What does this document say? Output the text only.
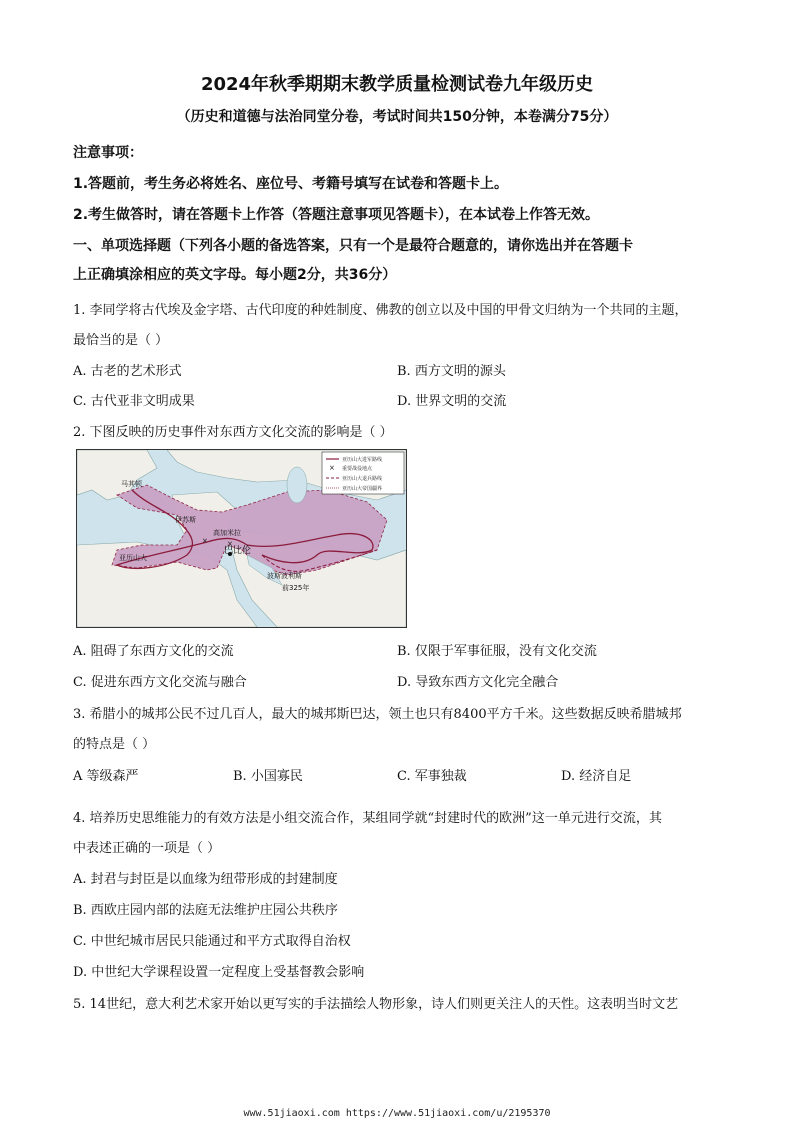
2024年秋季期期末教学质量检测试卷九年级历史
（历史和道德与法治同堂分卷，考试时间共150分钟，本卷满分75分）
注意事项：
1.答题前，考生务必将姓名、座位号、考籍号填写在试卷和答题卡上。
2.考生做答时，请在答题卡上作答（答题注意事项见答题卡），在本试卷上作答无效。
一、单项选择题（下列各小题的备选答案，只有一个是最符合题意的，请你选出并在答题卡
上正确填涂相应的英文字母。每小题2分，共36分）
1. 李同学将古代埃及金字塔、古代印度的种姓制度、佛教的创立以及中国的甲骨文归纳为一个共同的主题，
最恰当的是（ ）
A. 古老的艺术形式	B. 西方文明的源头
C. 古代亚非文明成果	D. 世界文明的交流
2. 下图反映的历史事件对东西方文化交流的影响是（ ）
×	×
马其顿
伊苏斯
高加米拉
巴比伦
亚历山大
波斯波利斯
前325年
亚历山大进军路线
× 重要战役地点
亚历山大退兵路线
亚历山大帝国疆界
A. 阻碍了东西方文化的交流	B. 仅限于军事征服，没有文化交流
C. 促进东西方文化交流与融合	D. 导致东西方文化完全融合
3. 希腊小的城邦公民不过几百人，最大的城邦斯巴达，领土也只有8400平方千米。这些数据反映希腊城邦
的特点是（ ）
A 等级森严	B. 小国寡民	C. 军事独裁	D. 经济自足
4. 培养历史思维能力的有效方法是小组交流合作，某组同学就“封建时代的欧洲”这一单元进行交流，其
中表述正确的一项是（ ）
A. 封君与封臣是以血缘为纽带形成的封建制度
B. 西欧庄园内部的法庭无法维护庄园公共秩序
C. 中世纪城市居民只能通过和平方式取得自治权
D. 中世纪大学课程设置一定程度上受基督教会影响
5. 14世纪，意大利艺术家开始以更写实的手法描绘人物形象，诗人们则更关注人的天性。这表明当时文艺
www.51jiaoxi.com https://www.51jiaoxi.com/u/2195370
